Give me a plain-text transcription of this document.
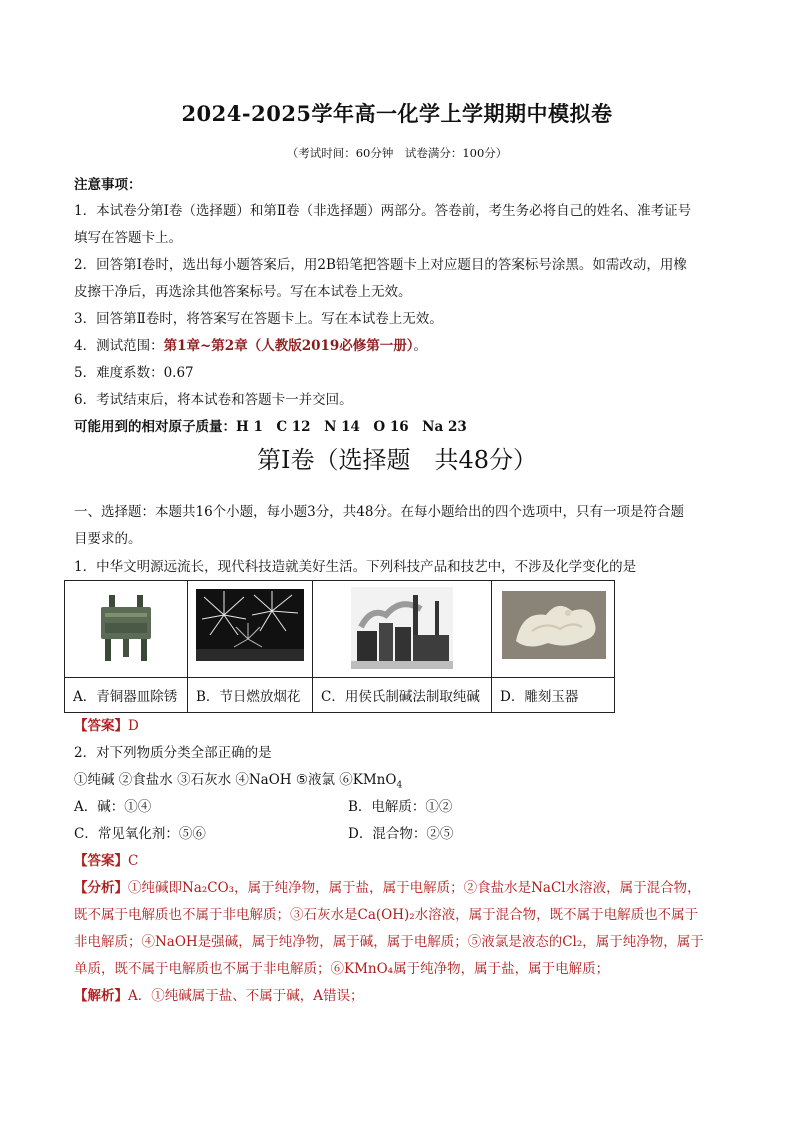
2024-2025学年高一化学上学期期中模拟卷
（考试时间：60分钟　试卷满分：100分）
注意事项：
1．本试卷分第Ⅰ卷（选择题）和第Ⅱ卷（非选择题）两部分。答卷前，考生务必将自己的姓名、准考证号
填写在答题卡上。
2．回答第Ⅰ卷时，选出每小题答案后，用2B铅笔把答题卡上对应题目的答案标号涂黑。如需改动，用橡
皮擦干净后，再选涂其他答案标号。写在本试卷上无效。
3．回答第Ⅱ卷时，将答案写在答题卡上。写在本试卷上无效。
4．测试范围：第1章~第2章（人教版2019必修第一册）。
5．难度系数：0.67
6．考试结束后，将本试卷和答题卡一并交回。
可能用到的相对原子质量：H 1　C 12　N 14　O 16　Na 23
第Ⅰ卷（选择题　共48分）
一、选择题：本题共16个小题，每小题3分，共48分。在每小题给出的四个选项中，只有一项是符合题
目要求的。
1．中华文明源远流长，现代科技造就美好生活。下列科技产品和技艺中，不涉及化学变化的是

A．青铜器皿除锈	B．节日燃放烟花	C．用侯氏制碱法制取纯碱	D．雕刻玉器
【答案】D
2．对下列物质分类全部正确的是
①纯碱 ②食盐水 ③石灰水 ④NaOH ⑤液氯 ⑥KMnO$_4$
A．碱：①④	B．电解质：①②
C．常见氧化剂：⑤⑥	D．混合物：②⑤
【答案】C
【分析】①纯碱即Na₂CO₃，属于纯净物，属于盐，属于电解质；②食盐水是NaCl水溶液，属于混合物，
既不属于电解质也不属于非电解质；③石灰水是Ca(OH)₂水溶液，属于混合物，既不属于电解质也不属于
非电解质；④NaOH是强碱，属于纯净物，属于碱，属于电解质；⑤液氯是液态的Cl₂，属于纯净物，属于
单质，既不属于电解质也不属于非电解质；⑥KMnO₄属于纯净物，属于盐，属于电解质；
【解析】A．①纯碱属于盐、不属于碱，A错误；
